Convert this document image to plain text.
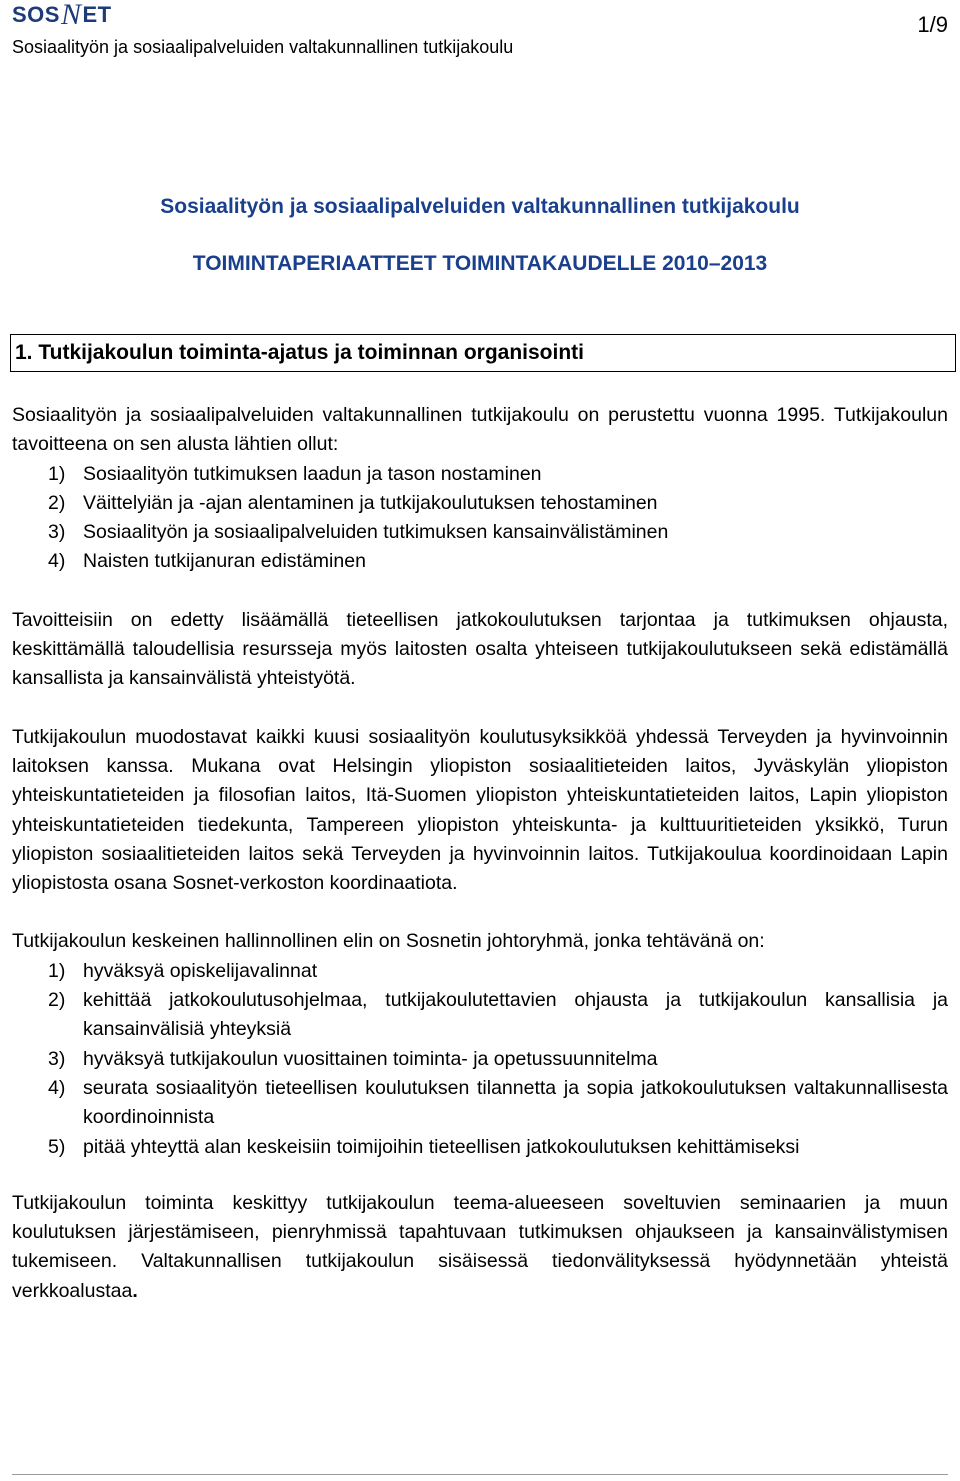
SOS N ET
Sosiaalityön ja sosiaalipalveluiden valtakunnallinen tutkijakoulu
1/9
Sosiaalityön ja sosiaalipalveluiden valtakunnallinen tutkijakoulu
TOIMINTAPERIAATTEET TOIMINTAKAUDELLE 2010–2013
1. Tutkijakoulun toiminta-ajatus ja toiminnan organisointi

Sosiaalityön ja sosiaalipalveluiden valtakunnallinen tutkijakoulu on perustettu vuonna 1995. Tutkijakoulun tavoitteena on sen alusta lähtien ollut:

1) Sosiaalityön tutkimuksen laadun ja tason nostaminen
2) Väittelyiän ja -ajan alentaminen ja tutkijakoulutuksen tehostaminen
3) Sosiaalityön ja sosiaalipalveluiden tutkimuksen kansainvälistäminen
4) Naisten tutkijanuran edistäminen

Tavoitteisiin on edetty lisäämällä tieteellisen jatkokoulutuksen tarjontaa ja tutkimuksen ohjausta, keskittämällä taloudellisia resursseja myös laitosten osalta yhteiseen tutkijakoulutukseen sekä edistämällä kansallista ja kansainvälistä yhteistyötä.

Tutkijakoulun muodostavat kaikki kuusi sosiaalityön koulutusyksikköä yhdessä Terveyden ja hyvinvoinnin laitoksen kanssa. Mukana ovat Helsingin yliopiston sosiaalitieteiden laitos, Jyväskylän yliopiston yhteiskuntatieteiden ja filosofian laitos, Itä-Suomen yliopiston yhteiskuntatieteiden laitos, Lapin yliopiston yhteiskuntatieteiden tiedekunta, Tampereen yliopiston yhteiskunta- ja kulttuuritieteiden yksikkö, Turun yliopiston sosiaalitieteiden laitos sekä Terveyden ja hyvinvoinnin laitos. Tutkijakoulua koordinoidaan Lapin yliopistosta osana Sosnet-verkoston koordinaatiota.

Tutkijakoulun keskeinen hallinnollinen elin on Sosnetin johtoryhmä, jonka tehtävänä on:

1) hyväksyä opiskelijavalinnat
2) kehittää jatkokoulutusohjelmaa, tutkijakoulutettavien ohjausta ja tutkijakoulun kansallisia ja kansainvälisiä yhteyksiä
3) hyväksyä tutkijakoulun vuosittainen toiminta- ja opetussuunnitelma
4) seurata sosiaalityön tieteellisen koulutuksen tilannetta ja sopia jatkokoulutuksen valtakunnallisesta koordinoinnista
5) pitää yhteyttä alan keskeisiin toimijoihin tieteellisen jatkokoulutuksen kehittämiseksi

Tutkijakoulun toiminta keskittyy tutkijakoulun teema-alueeseen soveltuvien seminaarien ja muun koulutuksen järjestämiseen, pienryhmissä tapahtuvaan tutkimuksen ohjaukseen ja kansainvälistymisen tukemiseen. Valtakunnallisen tutkijakoulun sisäisessä tiedonvälityksessä hyödynnetään yhteistä verkkoalustaa.
